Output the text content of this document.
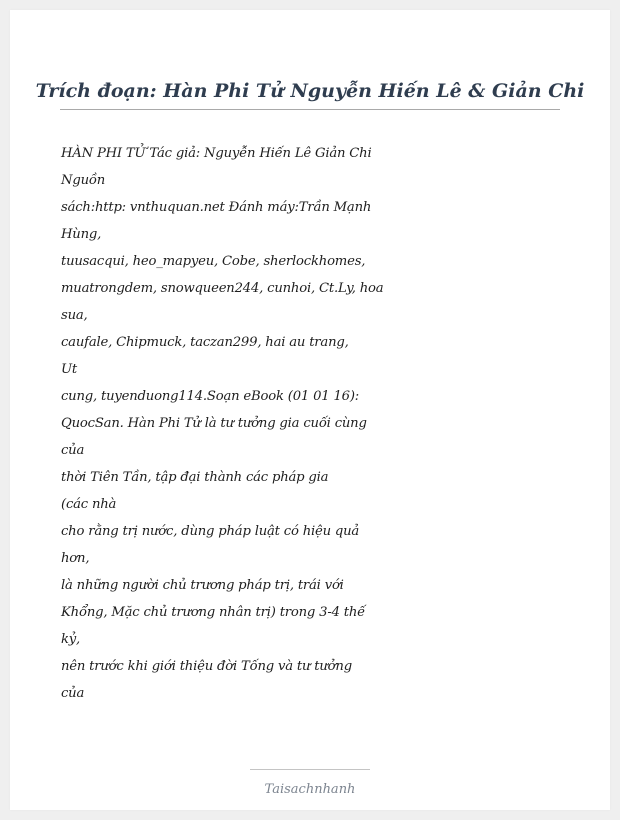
Trích đoạn: Hàn Phi Tử Nguyễn Hiến Lê & Giản Chi
HÀN PHI TỬ Tác giả: Nguyễn Hiến Lê Giản Chi
Nguồn
sách:http: vnthuquan.net Đánh máy:Trần Mạnh
Hùng,
tuusacqui, heo_mapyeu, Cobe, sherlockhomes,
muatrongdem, snowqueen244, cunhoi, Ct.Ly, hoa
sua,
caufale, Chipmuck, taczan299, hai au trang,
Ut
cung, tuyenduong114.Soạn eBook (01 01 16):
QuocSan. Hàn Phi Tử là tư tưởng gia cuối cùng
của
thời Tiên Tần, tập đại thành các pháp gia
(các nhà
cho rằng trị nước, dùng pháp luật có hiệu quả
hơn,
là những người chủ trương pháp trị, trái với
Khổng, Mặc chủ trương nhân trị) trong 3-4 thế
kỷ,
nên trước khi giới thiệu đời Tống và tư tưởng
của
Taisachnhanh
